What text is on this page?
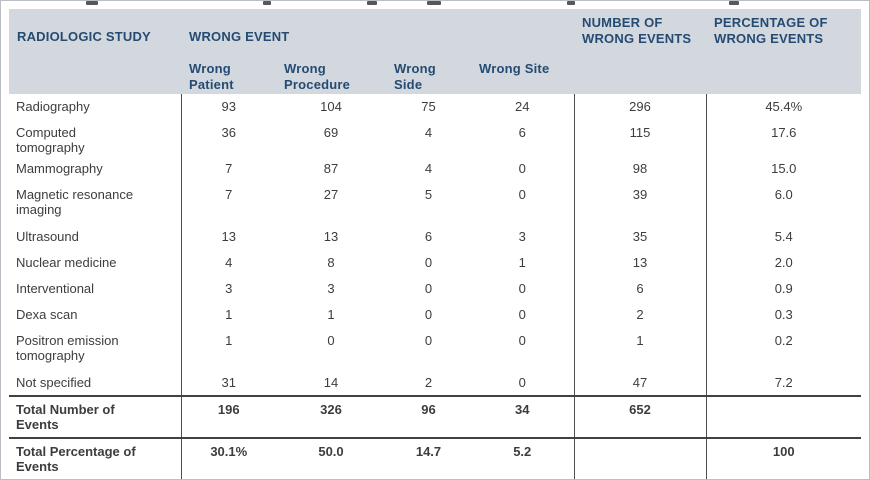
RADIOLOGIC STUDY	WRONG EVENT				NUMBER OF WRONG EVENTS	PERCENTAGE OF WRONG EVENTS

	Wrong Patient	Wrong Procedure	Wrong Side	Wrong Site		

Radiography	93	104	75	24	296	45.4%

Computed tomography	36	69	4	6	115	17.6

Mammography	7	87	4	0	98	15.0

Magnetic resonance imaging	7	27	5	0	39	6.0

Ultrasound	13	13	6	3	35	5.4

Nuclear medicine	4	8	0	1	13	2.0

Interventional	3	3	0	0	6	0.9

Dexa scan	1	1	0	0	2	0.3

Positron emission tomography	1	0	0	0	1	0.2

Not specified	31	14	2	0	47	7.2

Total Number of Events	196	326	96	34	652	

Total Percentage of Events	30.1%	50.0	14.7	5.2		100
